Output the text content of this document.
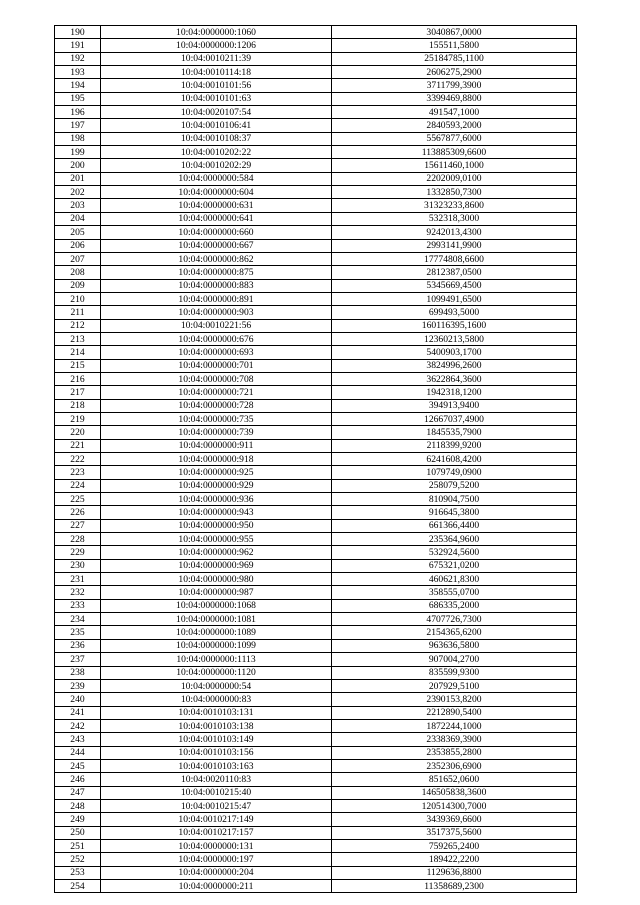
190	10:04:0000000:1060	3040867,0000
191	10:04:0000000:1206	155511,5800
192	10:04:0010211:39	25184785,1100
193	10:04:0010114:18	2606275,2900
194	10:04:0010101:56	3711799,3900
195	10:04:0010101:63	3399469,8800
196	10:04:0020107:54	491547,1000
197	10:04:0010106:41	2840593,2000
198	10:04:0010108:37	5567877,6000
199	10:04:0010202:22	113885309,6600
200	10:04:0010202:29	15611460,1000
201	10:04:0000000:584	2202009,0100
202	10:04:0000000:604	1332850,7300
203	10:04:0000000:631	31323233,8600
204	10:04:0000000:641	532318,3000
205	10:04:0000000:660	9242013,4300
206	10:04:0000000:667	2993141,9900
207	10:04:0000000:862	17774808,6600
208	10:04:0000000:875	2812387,0500
209	10:04:0000000:883	5345669,4500
210	10:04:0000000:891	1099491,6500
211	10:04:0000000:903	699493,5000
212	10:04:0010221:56	160116395,1600
213	10:04:0000000:676	12360213,5800
214	10:04:0000000:693	5400903,1700
215	10:04:0000000:701	3824996,2600
216	10:04:0000000:708	3622864,3600
217	10:04:0000000:721	1942318,1200
218	10:04:0000000:728	394913,9400
219	10:04:0000000:735	12667037,4900
220	10:04:0000000:739	1845535,7900
221	10:04:0000000:911	2118399,9200
222	10:04:0000000:918	6241608,4200
223	10:04:0000000:925	1079749,0900
224	10:04:0000000:929	258079,5200
225	10:04:0000000:936	810904,7500
226	10:04:0000000:943	916645,3800
227	10:04:0000000:950	661366,4400
228	10:04:0000000:955	235364,9600
229	10:04:0000000:962	532924,5600
230	10:04:0000000:969	675321,0200
231	10:04:0000000:980	460621,8300
232	10:04:0000000:987	358555,0700
233	10:04:0000000:1068	686335,2000
234	10:04:0000000:1081	4707726,7300
235	10:04:0000000:1089	2154365,6200
236	10:04:0000000:1099	963636,5800
237	10:04:0000000:1113	907004,2700
238	10:04:0000000:1120	835599,9300
239	10:04:0000000:54	207929,5100
240	10:04:0000000:83	2390153,8200
241	10:04:0010103:131	2212890,5400
242	10:04:0010103:138	1872244,1000
243	10:04:0010103:149	2338369,3900
244	10:04:0010103:156	2353855,2800
245	10:04:0010103:163	2352306,6900
246	10:04:0020110:83	851652,0600
247	10:04:0010215:40	146505838,3600
248	10:04:0010215:47	120514300,7000
249	10:04:0010217:149	3439369,6600
250	10:04:0010217:157	3517375,5600
251	10:04:0000000:131	759265,2400
252	10:04:0000000:197	189422,2200
253	10:04:0000000:204	1129636,8800
254	10:04:0000000:211	11358689,2300
